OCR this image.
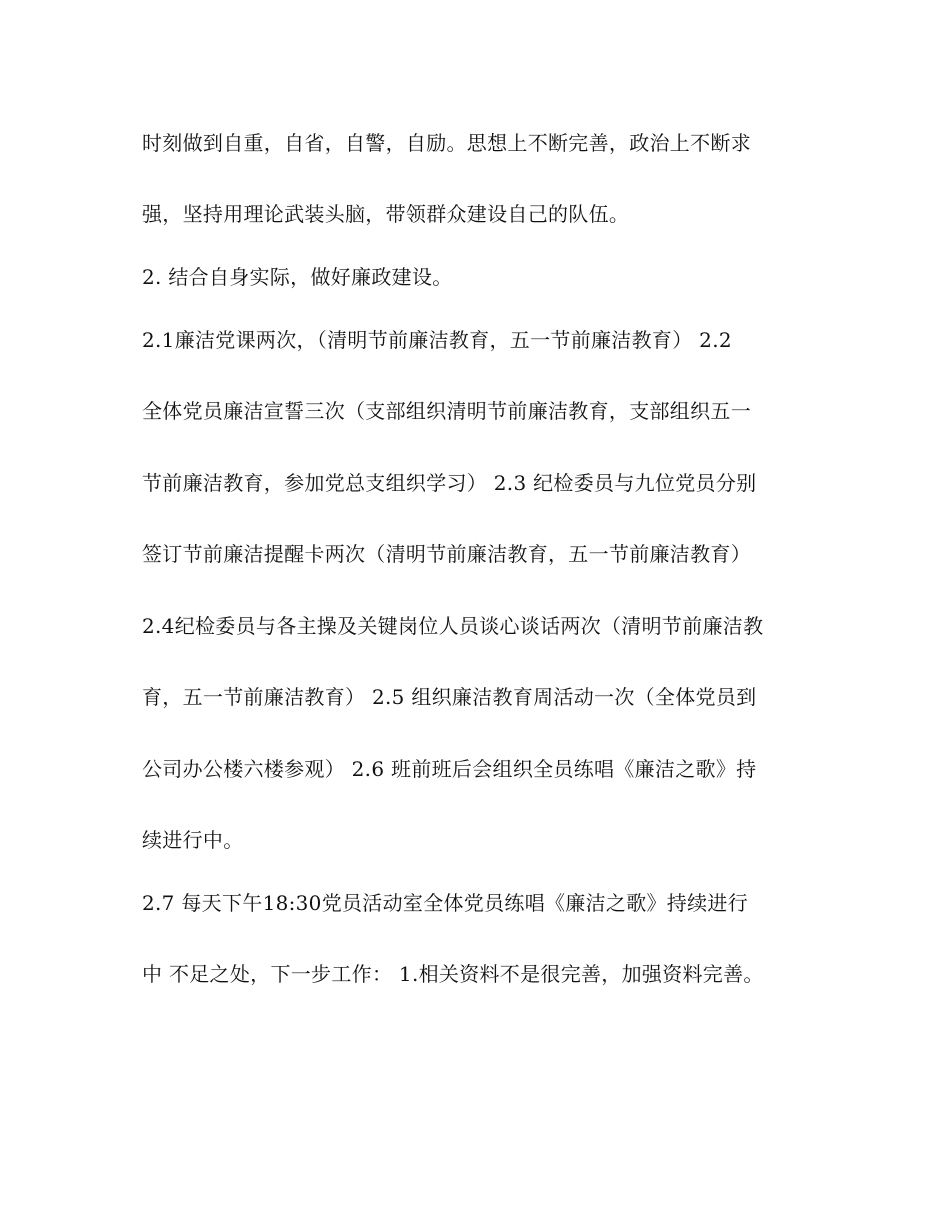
时刻做到自重，自省，自警，自励。思想上不断完善，政治上不断求
强，坚持用理论武装头脑，带领群众建设自己的队伍。
2. 结合自身实际，做好廉政建设。
2.1廉洁党课两次，（清明节前廉洁教育，五一节前廉洁教育） 2.2
全体党员廉洁宣誓三次（支部组织清明节前廉洁教育，支部组织五一
节前廉洁教育，参加党总支组织学习） 2.3 纪检委员与九位党员分别
签订节前廉洁提醒卡两次（清明节前廉洁教育，五一节前廉洁教育）
2.4纪检委员与各主操及关键岗位人员谈心谈话两次（清明节前廉洁教
育，五一节前廉洁教育） 2.5 组织廉洁教育周活动一次（全体党员到
公司办公楼六楼参观） 2.6 班前班后会组织全员练唱《廉洁之歌》持
续进行中。
2.7 每天下午18:30党员活动室全体党员练唱《廉洁之歌》持续进行
中 不足之处，下一步工作： 1.相关资料不是很完善，加强资料完善。
